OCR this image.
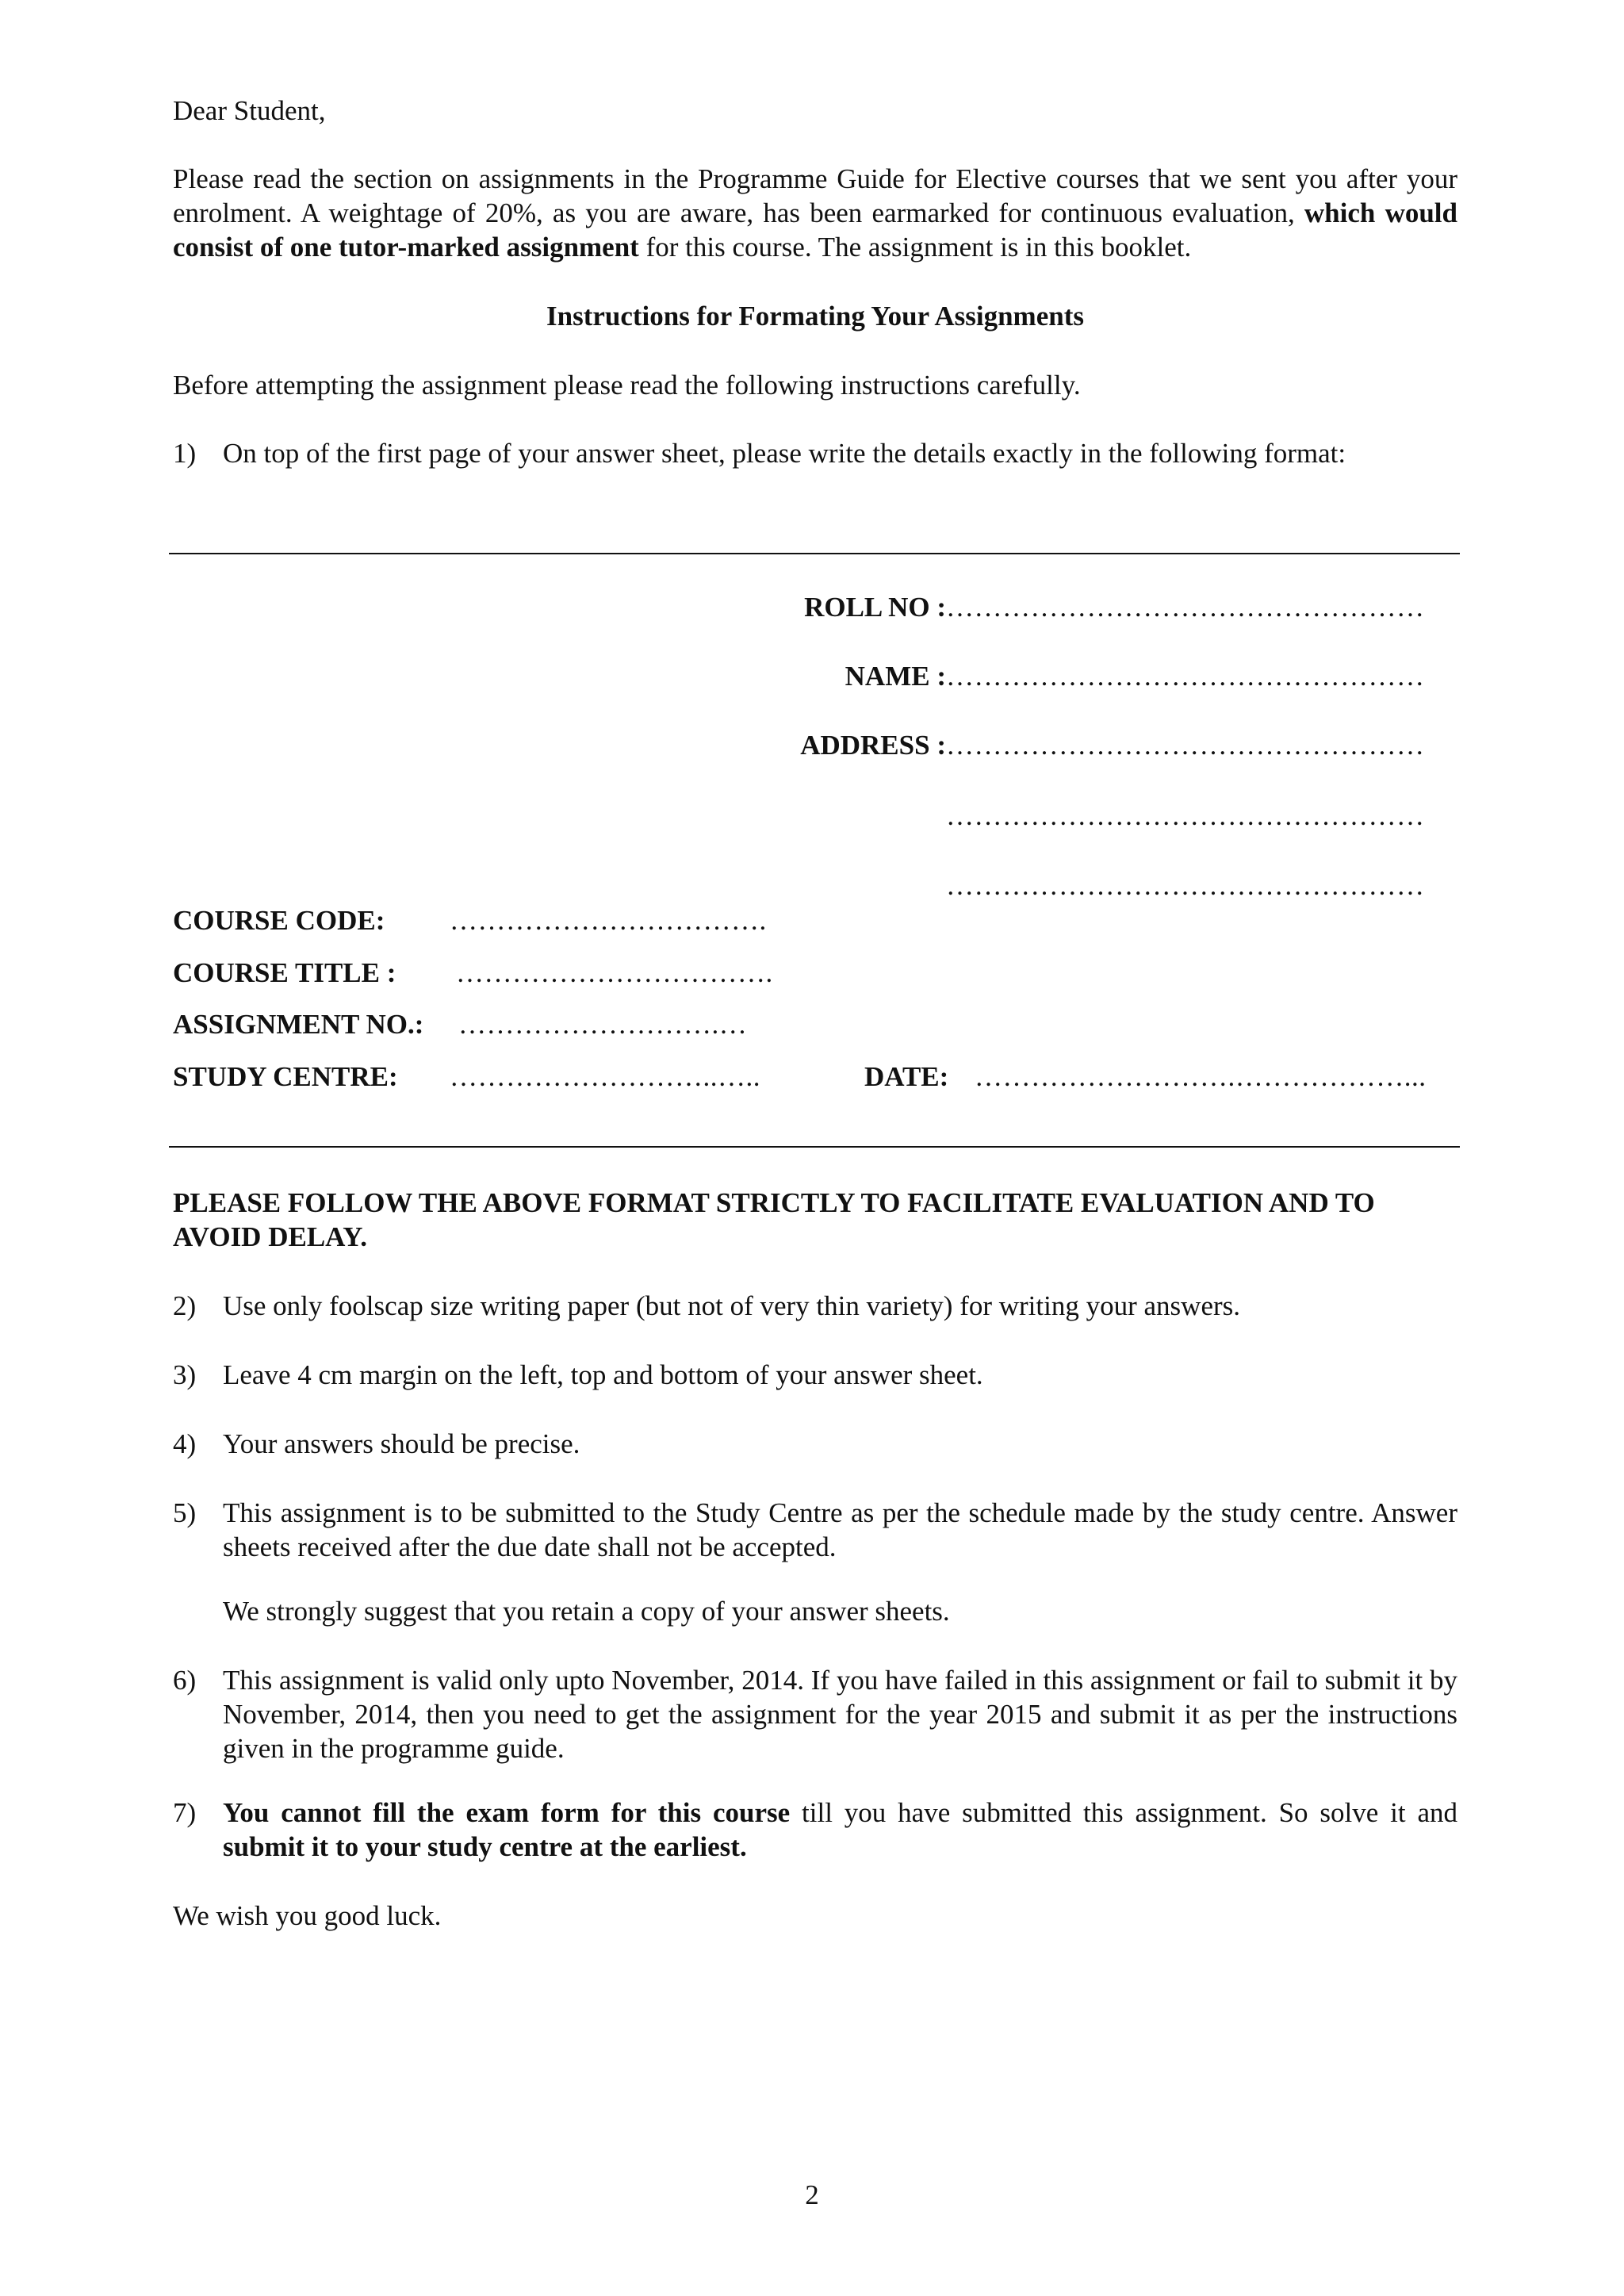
Dear Student,

Please read the section on assignments in the Programme Guide for Elective courses that we sent you after your enrolment. A weightage of 20%, as you are aware, has been earmarked for continuous evaluation, which would consist of one tutor-marked assignment for this course. The assignment is in this booklet.

Instructions for Formating Your Assignments

Before attempting the assignment please read the following instructions carefully.

1) On top of the first page of your answer sheet, please write the details exactly in the following format:
ROLL NO : ……………………………………………
NAME : ……………………………………………
ADDRESS : ……………………………………………
……………………………………………
……………………………………………
COURSE CODE: …………………………….
COURSE TITLE : …………………………….
ASSIGNMENT NO.: ……………………….…
STUDY CENTRE: ………………………..…..	DATE: ……………………….………………...

PLEASE FOLLOW THE ABOVE FORMAT STRICTLY TO FACILITATE EVALUATION AND TO AVOID DELAY.

2) Use only foolscap size writing paper (but not of very thin variety) for writing your answers.
3) Leave 4 cm margin on the left, top and bottom of your answer sheet.
4) Your answers should be precise.
5) This assignment is to be submitted to the Study Centre as per the schedule made by the study centre. Answer sheets received after the due date shall not be accepted.
We strongly suggest that you retain a copy of your answer sheets.
6) This assignment is valid only upto November, 2014. If you have failed in this assignment or fail to submit it by November, 2014, then you need to get the assignment for the year 2015 and submit it as per the instructions given in the programme guide.
7) You cannot fill the exam form for this course till you have submitted this assignment. So solve it and submit it to your study centre at the earliest.

We wish you good luck.

2
